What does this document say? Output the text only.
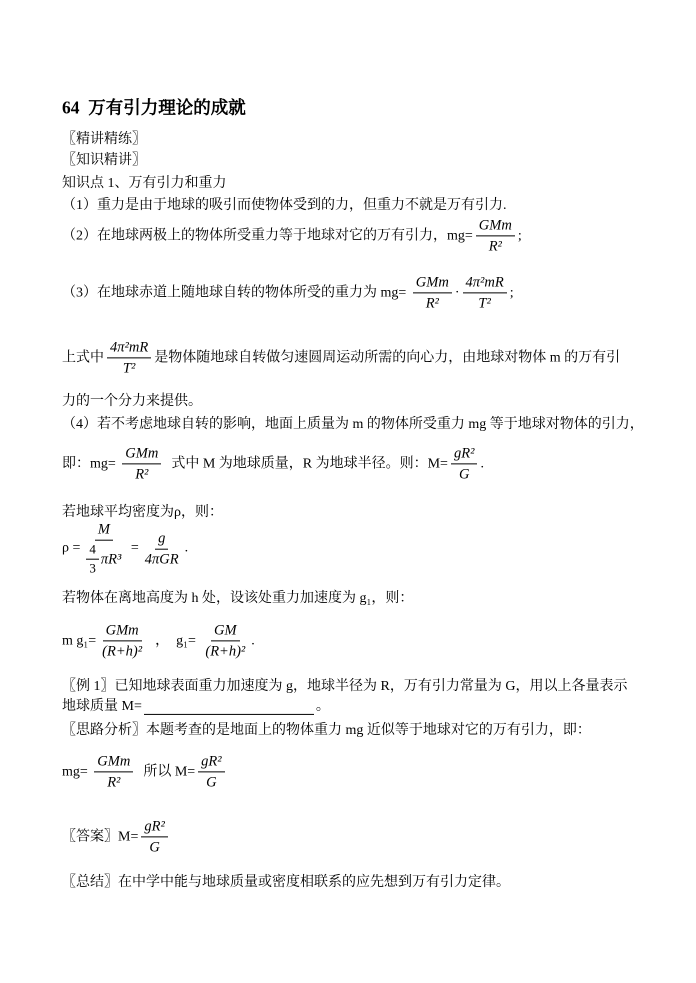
64
万有引力理论的成就
〖精讲精练〗
〖知识精讲〗
知识点 1、万有引力和重力
（1）重力是由于地球的吸引而使物体受到的力，但重力不就是万有引力.
（2）在地球两极上的物体所受重力等于地球对它的万有引力，$mg= \frac{\text{GMm}}{\text{R²}}$ ;
（3）在地球赤道上随地球自转的物体所受的重力为 $mg= \frac{\text{GMm}}{\text{R²}} \cdot \frac{\text{4π²mR}}{\text{T²}}$ ;
上式中 $\frac{\text{4π²mR}}{\text{T²}}$ 是物体随地球自转做匀速圆周运动所需的向心力，由地球对物体 m 的万有引
力的一个分力来提供。
（4）若不考虑地球自转的影响，地面上质量为 m 的物体所受重力 mg 等于地球对物体的引力，
即：$mg= \frac{\text{GMm}}{\text{R²}}$ 式中 M 为地球质量，R 为地球半径。则：$M= \frac{\text{gR²}}{G}$ .
若地球平均密度为ρ，则：
$\rho = \frac{M}{\frac{4}{3} \pi R^3} = \frac{g}{\text{4πGR}}$ .
若物体在离地高度为 h 处，设该处重力加速度为 g₁，则：
m $g_1= \frac{\text{GMm}}{\text{(R+h)²}}$ ，  $g_1= \frac{GM}{\text{(R+h)²}}$ .
〖例 1〗已知地球表面重力加速度为 g，地球半径为 R，万有引力常量为 G，用以上各量表示
地球质量 M=	。
〖思路分析〗本题考查的是地面上的物体重力 mg 近似等于地球对它的万有引力，即：
$mg= \frac{\text{GMm}}{\text{R²}}$ 所以 $M= \frac{\text{gR²}}{G}$
〖答案〗$M= \frac{\text{gR²}}{G}$
〖总结〗在中学中能与地球质量或密度相联系的应先想到万有引力定律。
